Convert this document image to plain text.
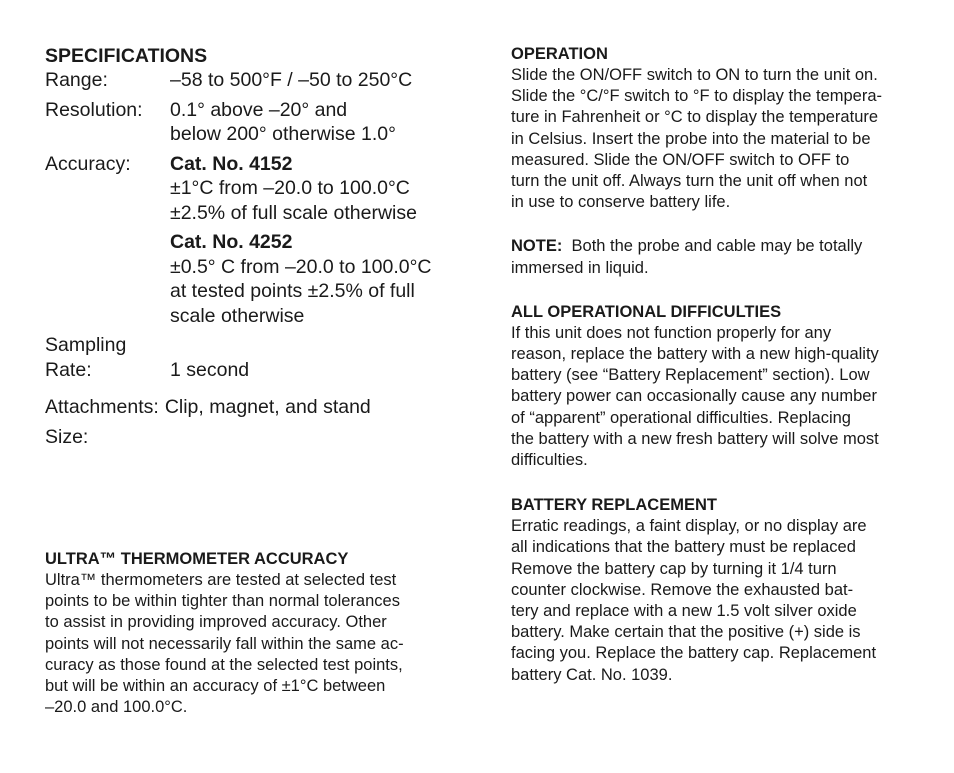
SPECIFICATIONS
Range:	–58 to 500°F / –50 to 250°C
Resolution:	0.1° above –20° and
below 200° otherwise 1.0°
Accuracy:	Cat. No. 4152
±1°C from –20.0 to 100.0°C
±2.5% of full scale otherwise
Cat. No. 4252
±0.5° C from –20.0 to 100.0°C
at tested points ±2.5% of full
scale otherwise
Sampling
Rate:	1 second
Attachments: Clip, magnet, and stand
Size:
ULTRA™ THERMOMETER ACCURACY

Ultra™ thermometers are tested at selected test
points to be within tighter than normal tolerances
to assist in providing improved accuracy. Other
points will not necessarily fall within the same ac-
curacy as those found at the selected test points,
but will be within an accuracy of ±1°C between
–20.0 and 100.0°C.

OPERATION

Slide the ON/OFF switch to ON to turn the unit on.
Slide the °C/°F switch to °F to display the tempera-
ture in Fahrenheit or °C to display the temperature
in Celsius. Insert the probe into the material to be
measured. Slide the ON/OFF switch to OFF to
turn the unit off. Always turn the unit off when not
in use to conserve battery life.

NOTE: Both the probe and cable may be totally
immersed in liquid.

ALL OPERATIONAL DIFFICULTIES

If this unit does not function properly for any
reason, replace the battery with a new high-quality
battery (see “Battery Replacement” section). Low
battery power can occasionally cause any number
of “apparent” operational difficulties. Replacing
the battery with a new fresh battery will solve most
difficulties.

BATTERY REPLACEMENT

Erratic readings, a faint display, or no display are
all indications that the battery must be replaced
Remove the battery cap by turning it 1/4 turn
counter clockwise. Remove the exhausted bat-
tery and replace with a new 1.5 volt silver oxide
battery. Make certain that the positive (+) side is
facing you. Replace the battery cap. Replacement
battery Cat. No. 1039.
